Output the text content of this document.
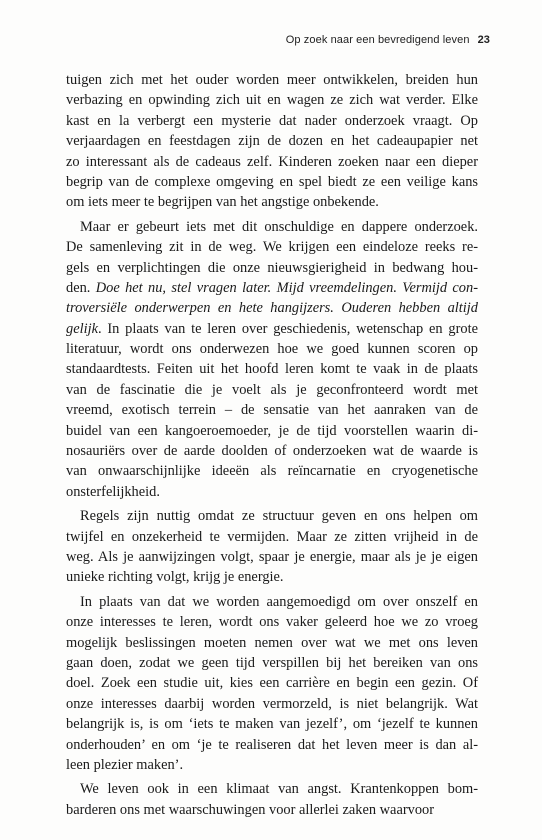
Op zoek naar een bevredigend leven 23
tuigen zich met het ouder worden meer ontwikkelen, breiden hun
verbazing en opwinding zich uit en wagen ze zich wat verder. Elke
kast en la verbergt een mysterie dat nader onderzoek vraagt. Op
verjaardagen en feestdagen zijn de dozen en het cadeaupapier net
zo interessant als de cadeaus zelf. Kinderen zoeken naar een dieper
begrip van de complexe omgeving en spel biedt ze een veilige kans
om iets meer te begrijpen van het angstige onbekende.
Maar er gebeurt iets met dit onschuldige en dappere onderzoek.
De samenleving zit in de weg. We krijgen een eindeloze reeks re-
gels en verplichtingen die onze nieuwsgierigheid in bedwang hou-
den. Doe het nu, stel vragen later. Mijd vreemdelingen. Vermijd con-
troversiële onderwerpen en hete hangijzers. Ouderen hebben altijd
gelijk. In plaats van te leren over geschiedenis, wetenschap en grote
literatuur, wordt ons onderwezen hoe we goed kunnen scoren op
standaardtests. Feiten uit het hoofd leren komt te vaak in de plaats
van de fascinatie die je voelt als je geconfronteerd wordt met
vreemd, exotisch terrein – de sensatie van het aanraken van de
buidel van een kangoeroemoeder, je de tijd voorstellen waarin di-
nosauriërs over de aarde doolden of onderzoeken wat de waarde is
van onwaarschijnlijke ideeën als reïncarnatie en cryogenetische
onsterfelijkheid.
Regels zijn nuttig omdat ze structuur geven en ons helpen om
twijfel en onzekerheid te vermijden. Maar ze zitten vrijheid in de
weg. Als je aanwijzingen volgt, spaar je energie, maar als je je eigen
unieke richting volgt, krijg je energie.
In plaats van dat we worden aangemoedigd om over onszelf en
onze interesses te leren, wordt ons vaker geleerd hoe we zo vroeg
mogelijk beslissingen moeten nemen over wat we met ons leven
gaan doen, zodat we geen tijd verspillen bij het bereiken van ons
doel. Zoek een studie uit, kies een carrière en begin een gezin. Of
onze interesses daarbij worden vermorzeld, is niet belangrijk. Wat
belangrijk is, is om ‘iets te maken van jezelf’, om ‘jezelf te kunnen
onderhouden’ en om ‘je te realiseren dat het leven meer is dan al-
leen plezier maken’.
We leven ook in een klimaat van angst. Krantenkoppen bom-
barderen ons met waarschuwingen voor allerlei zaken waarvoor
